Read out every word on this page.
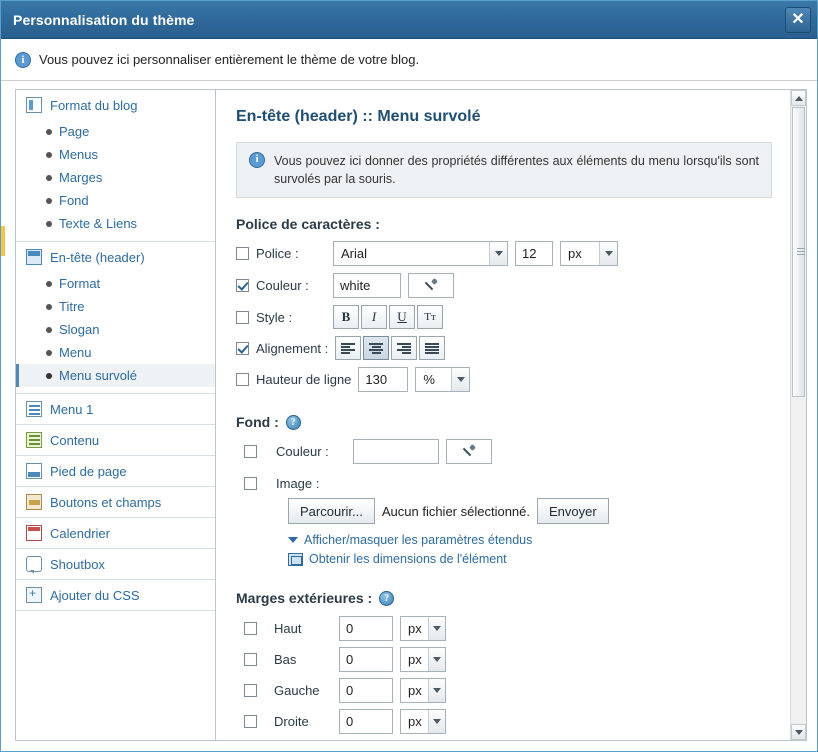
Personnalisation du thème	✕
i	Vous pouvez ici personnaliser entièrement le thème de votre blog.
Format du blog
Page
Menus
Marges
Fond
Texte & Liens
En-tête (header)
Format
Titre
Slogan
Menu
Menu survolé
Menu 1
Contenu
Pied de page
Boutons et champs
Calendrier
Shoutbox
+
Ajouter du CSS
En-tête (header) :: Menu survolé
i	Vous pouvez ici donner des propriétés différentes aux éléments du menu lorsqu'ils sont survolés par la souris.
Police de caractères :
Police :	Arial	12	px
Couleur :	white
Style :	B	I	U	Tт
Alignement :
Hauteur de ligne	130	%
Fond :	?
Couleur :
Image :
Parcourir...	Aucun fichier sélectionné.	Envoyer
Afficher/masquer les paramètres étendus
Obtenir les dimensions de l'élément
Marges extérieures :	?
Haut	0	px
Bas	0	px
Gauche	0	px
Droite	0	px
